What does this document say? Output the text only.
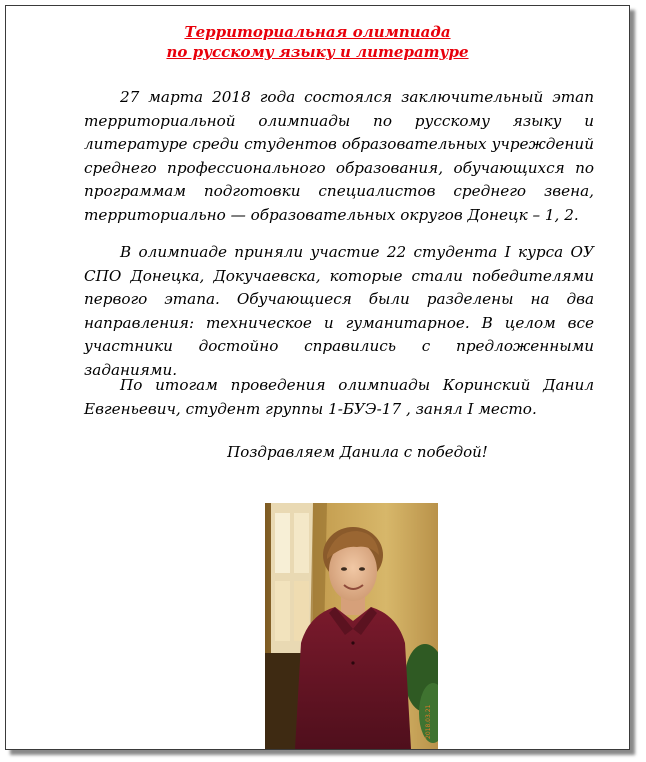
Территориальная олимпиада
по русскому языку и литературе

27 марта 2018 года состоялся заключительный этап территориальной олимпиады по русскому языку и литературе среди студентов образовательных учреждений среднего профессионального образования, обучающихся по программам подготовки специалистов среднего звена, территориально — образовательных округов Донецк – 1, 2.

В олимпиаде приняли участие 22 студента I курса ОУ СПО Донецка, Докучаевска, которые стали победителями первого этапа. Обучающиеся были разделены на два направления: техническое и гуманитарное. В целом все участники достойно справились с предложенными заданиями.

По итогам проведения олимпиады Коринский Данил Евгеньевич, студент группы 1-БУЭ-17 , занял I место.

Поздравляем Данила с победой!
2018.03.21
